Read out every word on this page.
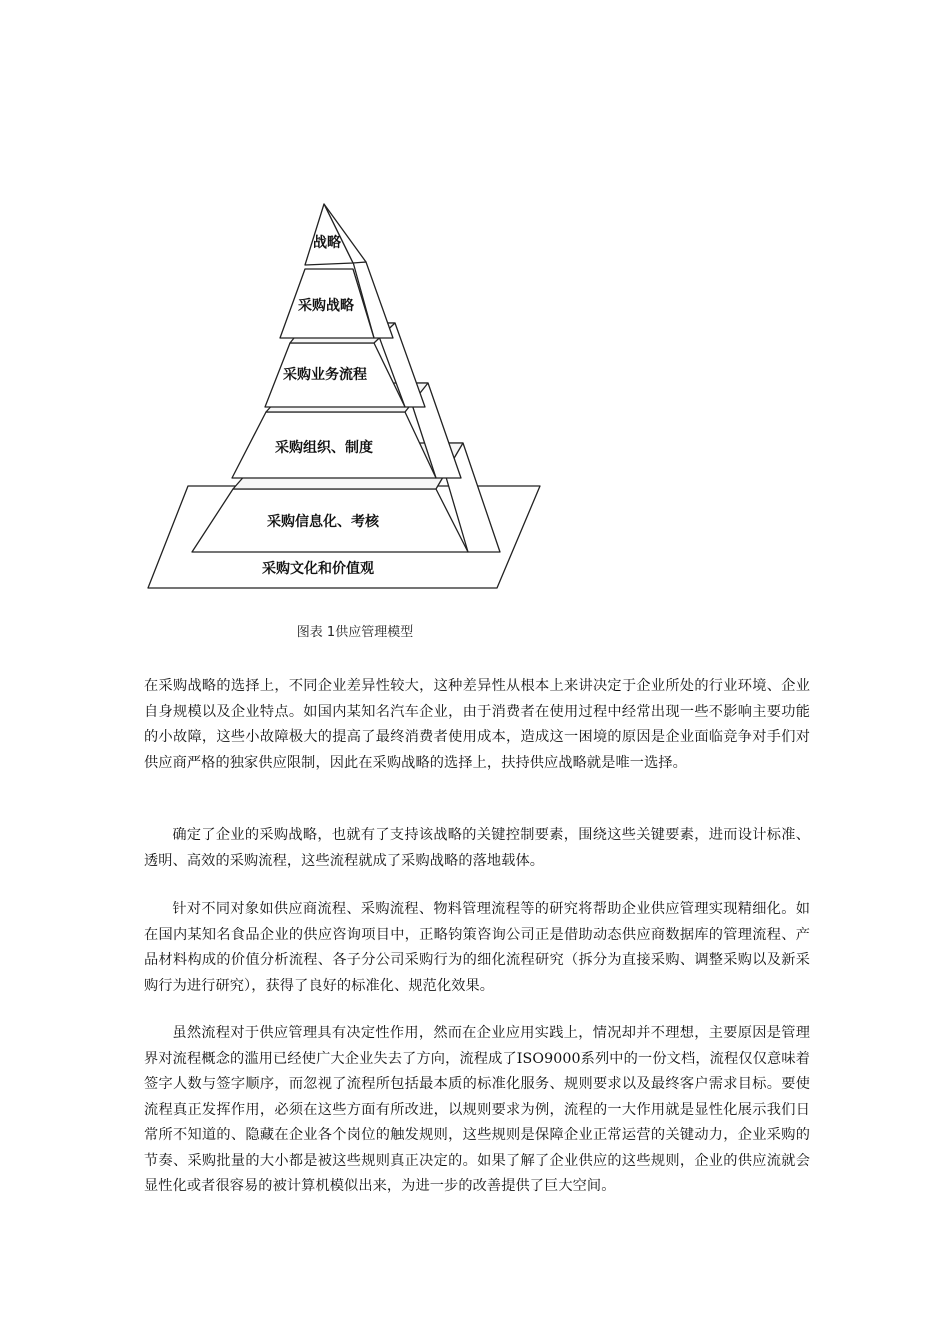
战略
采购战略
采购业务流程
采购组织、制度
采购信息化、考核
采购文化和价值观
图表 1供应管理模型

在采购战略的选择上，不同企业差异性较大，这种差异性从根本上来讲决定于企业所处的行业环境、企业自身规模以及企业特点。如国内某知名汽车企业，由于消费者在使用过程中经常出现一些不影响主要功能的小故障，这些小故障极大的提高了最终消费者使用成本，造成这一困境的原因是企业面临竞争对手们对供应商严格的独家供应限制，因此在采购战略的选择上，扶持供应战略就是唯一选择。

确定了企业的采购战略，也就有了支持该战略的关键控制要素，围绕这些关键要素，进而设计标准、透明、高效的采购流程，这些流程就成了采购战略的落地载体。

针对不同对象如供应商流程、采购流程、物料管理流程等的研究将帮助企业供应管理实现精细化。如在国内某知名食品企业的供应咨询项目中，正略钧策咨询公司正是借助动态供应商数据库的管理流程、产品材料构成的价值分析流程、各子分公司采购行为的细化流程研究（拆分为直接采购、调整采购以及新采购行为进行研究），获得了良好的标准化、规范化效果。

虽然流程对于供应管理具有决定性作用，然而在企业应用实践上，情况却并不理想，主要原因是管理界对流程概念的滥用已经使广大企业失去了方向，流程成了ISO9000系列中的一份文档，流程仅仅意味着签字人数与签字顺序，而忽视了流程所包括最本质的标准化服务、规则要求以及最终客户需求目标。要使流程真正发挥作用，必须在这些方面有所改进，以规则要求为例，流程的一大作用就是显性化展示我们日常所不知道的、隐藏在企业各个岗位的触发规则，这些规则是保障企业正常运营的关键动力，企业采购的节奏、采购批量的大小都是被这些规则真正决定的。如果了解了企业供应的这些规则，企业的供应流就会显性化或者很容易的被计算机模似出来，为进一步的改善提供了巨大空间。
